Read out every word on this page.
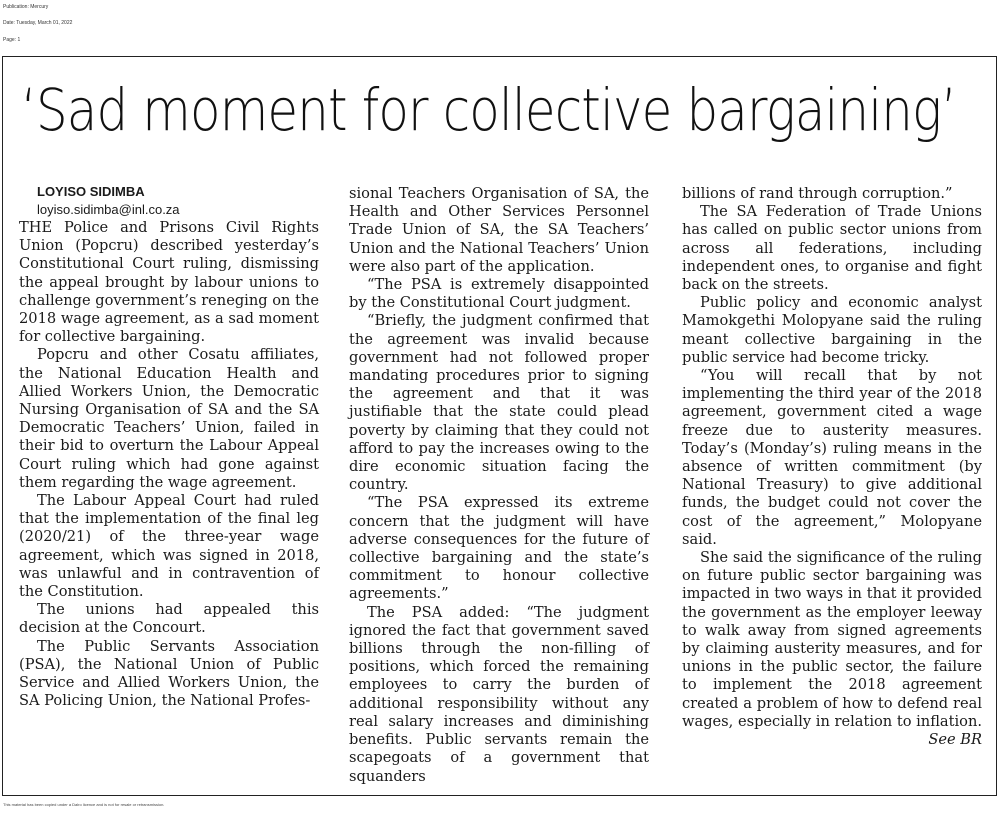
Publication: Mercury
Date: Tuesday, March 01, 2022
Page: 1
‘Sad moment for collective bargaining’

LOYISO SIDIMBA

loyiso.sidimba@inl.co.za

THE Police and Prisons Civil Rights Union (Popcru) described yesterday’s Constitutional Court ruling, dismissing the appeal brought by labour unions to challenge government’s reneging on the 2018 wage agreement, as a sad moment for collective bargaining.

Popcru and other Cosatu affiliates, the National Education Health and Allied Workers Union, the Democratic Nursing Organisation of SA and the SA Democratic Teachers’ Union, failed in their bid to overturn the Labour Appeal Court ruling which had gone against them regarding the wage agreement.

The Labour Appeal Court had ruled that the implementation of the final leg (2020/21) of the three-year wage agreement, which was signed in 2018, was unlawful and in contravention of the Constitution.

The unions had appealed this decision at the Concourt.

The Public Servants Association (PSA), the National Union of Public Service and Allied Workers Union, the SA Policing Union, the National Profes-

sional Teachers Organisation of SA, the Health and Other Services Personnel Trade Union of SA, the SA Teachers’ Union and the National Teachers’ Union were also part of the application.

“The PSA is extremely disappointed by the Constitutional Court judgment.

“Briefly, the judgment confirmed that the agreement was invalid because government had not followed proper mandating procedures prior to signing the agreement and that it was justifiable that the state could plead poverty by claiming that they could not afford to pay the increases owing to the dire economic situation facing the country.

“The PSA expressed its extreme concern that the judgment will have adverse consequences for the future of collective bargaining and the state’s commitment to honour collective agreements.”

The PSA added: “The judgment ignored the fact that government saved billions through the non-filling of positions, which forced the remaining employees to carry the burden of additional responsibility without any real salary increases and diminishing benefits. Public servants remain the scapegoats of a government that squanders

billions of rand through corruption.”

The SA Federation of Trade Unions has called on public sector unions from across all federations, including independent ones, to organise and fight back on the streets.

Public policy and economic analyst Mamokgethi Molopyane said the ruling meant collective bargaining in the public service had become tricky.

“You will recall that by not implementing the third year of the 2018 agreement, government cited a wage freeze due to austerity measures. Today’s (Monday’s) ruling means in the absence of written commitment (by National Treasury) to give additional funds, the budget could not cover the cost of the agreement,” Molopyane said.

She said the significance of the ruling on future public sector bargaining was impacted in two ways in that it provided the government as the employer leeway to walk away from signed agreements by claiming austerity measures, and for unions in the public sector, the failure to implement the 2018 agreement created a problem of how to defend real wages, especially in relation to inflation.

See BR

This material has been copied under a Dalro licence and is not for resale or retransmission.
